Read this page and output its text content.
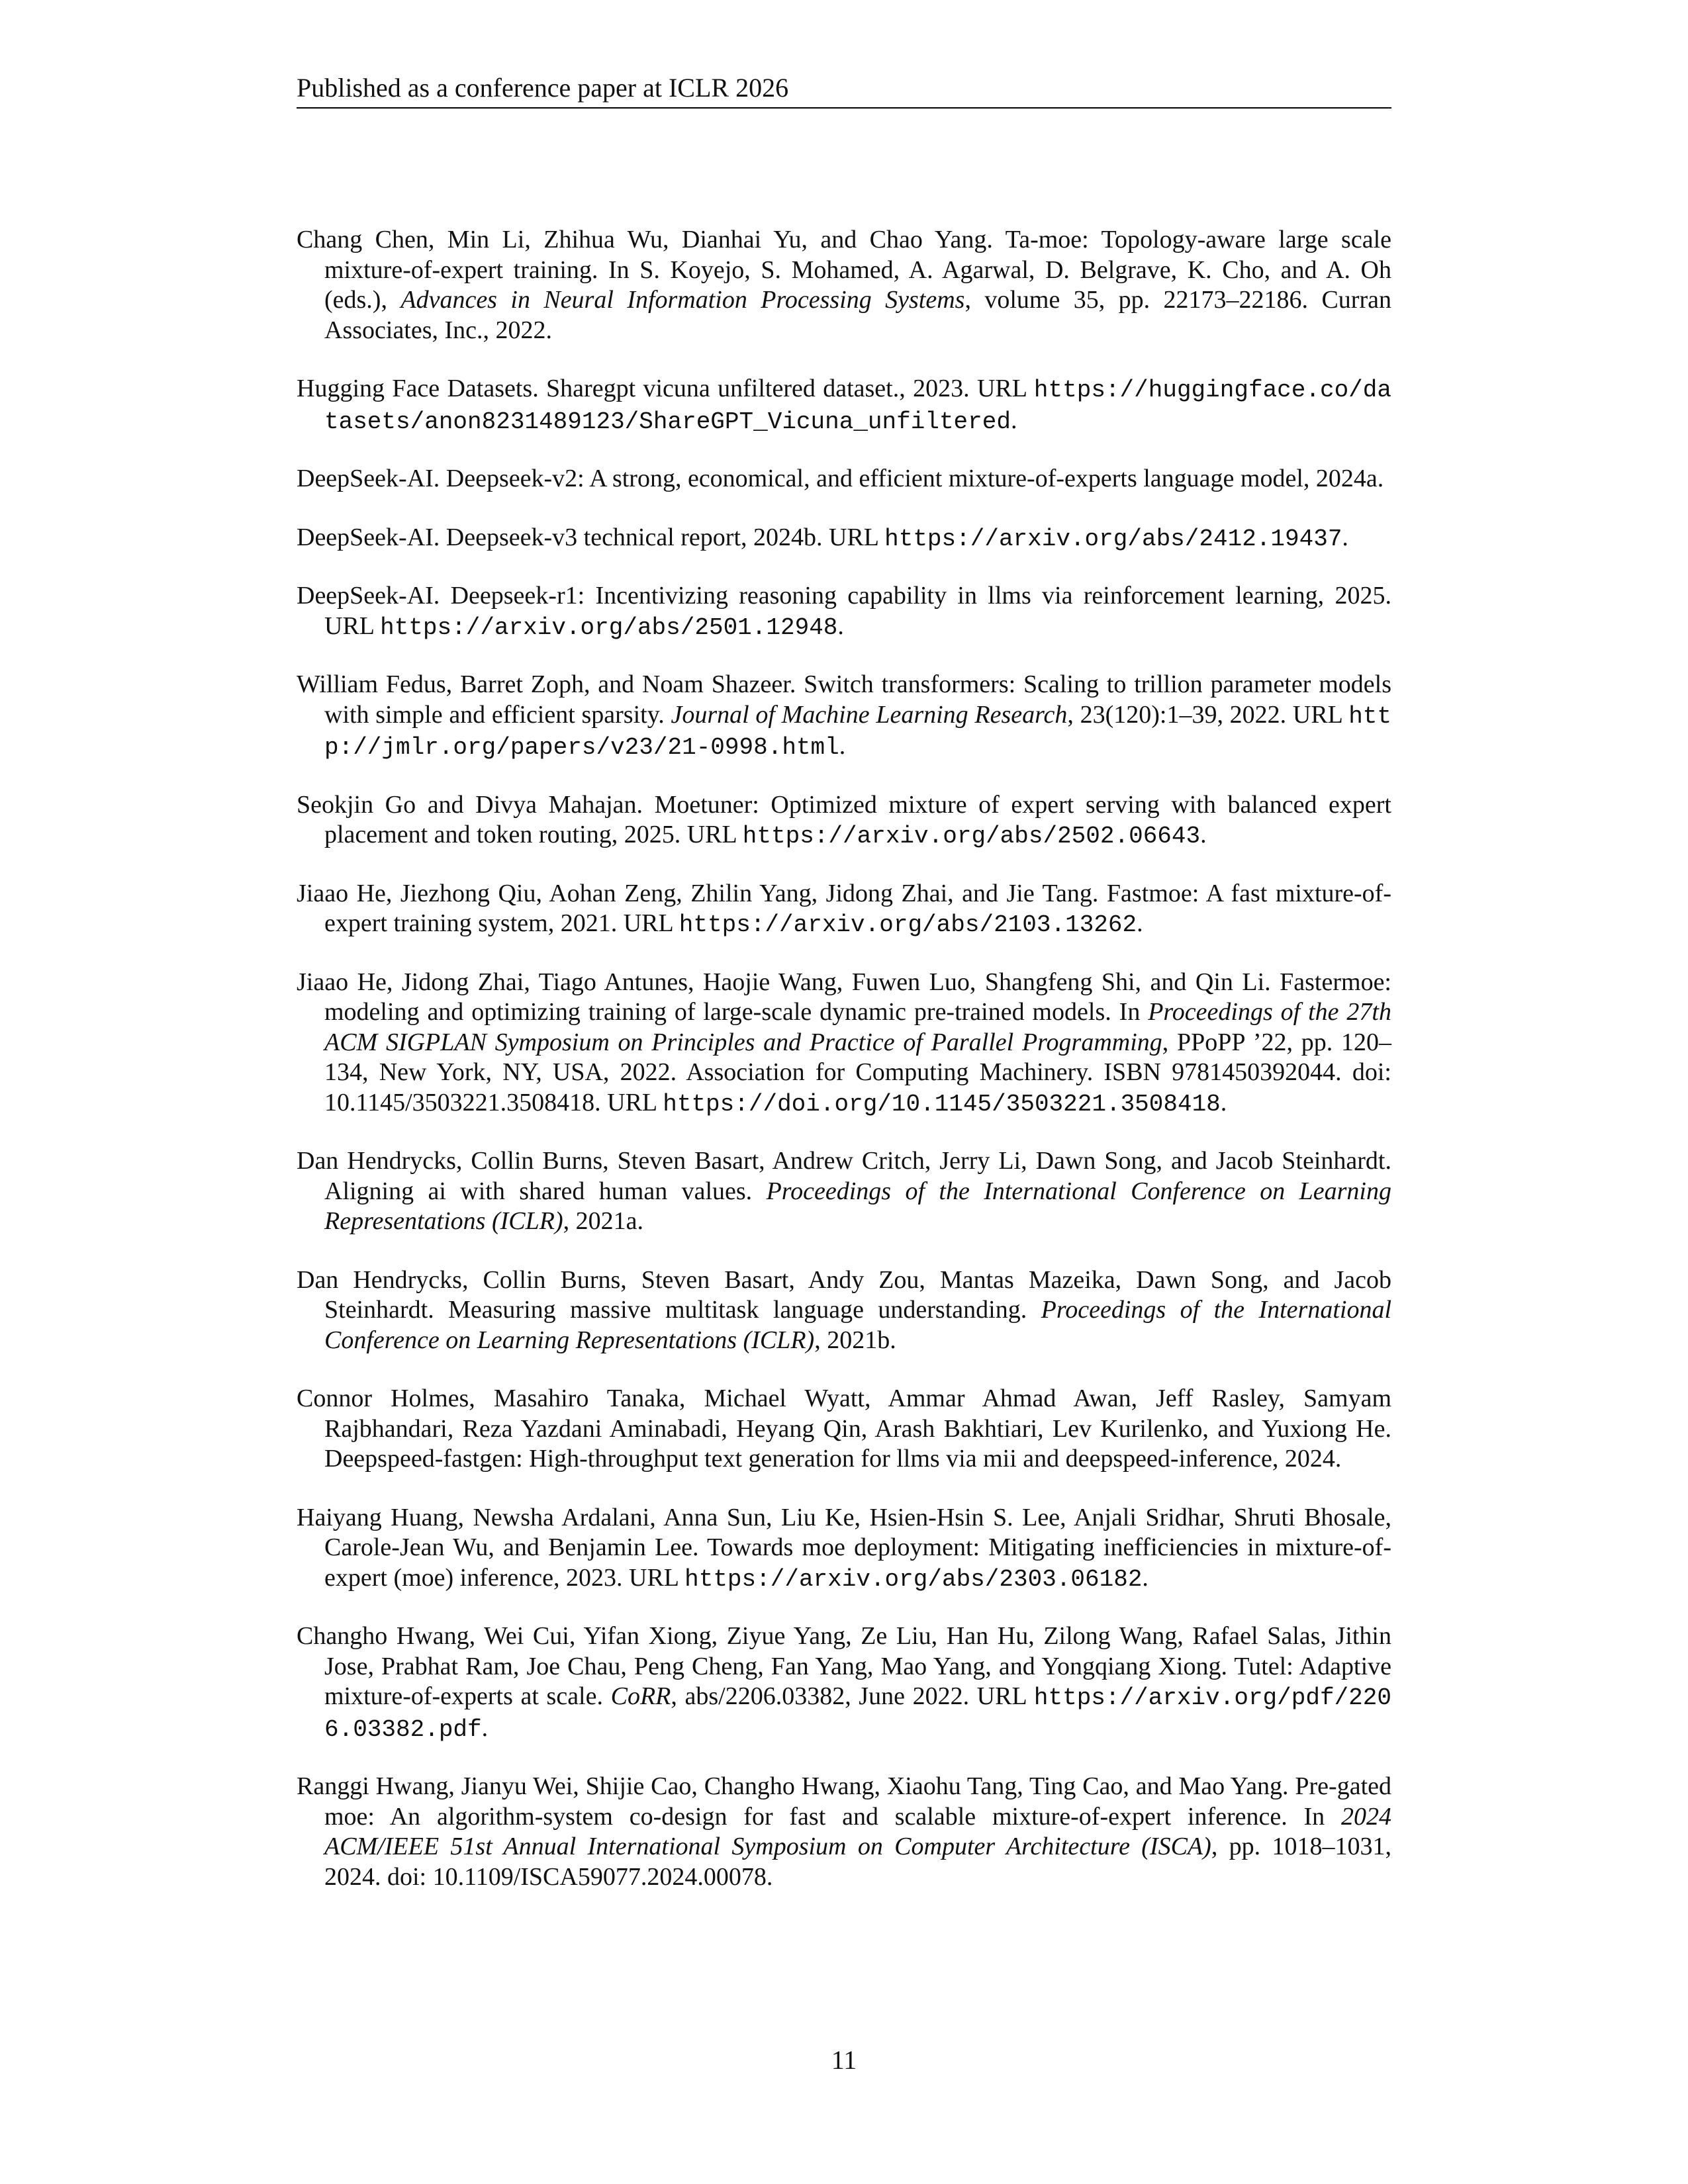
Published as a conference paper at ICLR 2026
Chang Chen, Min Li, Zhihua Wu, Dianhai Yu, and Chao Yang. Ta-moe: Topology-aware large scale mixture-of-expert training. In S. Koyejo, S. Mohamed, A. Agarwal, D. Belgrave, K. Cho, and A. Oh (eds.), Advances in Neural Information Processing Systems, volume 35, pp. 22173–22186. Curran Associates, Inc., 2022.
Hugging Face Datasets. Sharegpt vicuna unfiltered dataset., 2023. URL https://huggingface.co/datasets/anon8231489123/ShareGPT_Vicuna_unfiltered.
DeepSeek-AI. Deepseek-v2: A strong, economical, and efficient mixture-of-experts language model, 2024a.
DeepSeek-AI. Deepseek-v3 technical report, 2024b. URL https://arxiv.org/abs/2412.19437.
DeepSeek-AI. Deepseek-r1: Incentivizing reasoning capability in llms via reinforcement learning, 2025. URL https://arxiv.org/abs/2501.12948.
William Fedus, Barret Zoph, and Noam Shazeer. Switch transformers: Scaling to trillion parameter models with simple and efficient sparsity. Journal of Machine Learning Research, 23(120):1–39, 2022. URL http://jmlr.org/papers/v23/21-0998.html.
Seokjin Go and Divya Mahajan. Moetuner: Optimized mixture of expert serving with balanced expert placement and token routing, 2025. URL https://arxiv.org/abs/2502.06643.
Jiaao He, Jiezhong Qiu, Aohan Zeng, Zhilin Yang, Jidong Zhai, and Jie Tang. Fastmoe: A fast mixture-of-expert training system, 2021. URL https://arxiv.org/abs/2103.13262.
Jiaao He, Jidong Zhai, Tiago Antunes, Haojie Wang, Fuwen Luo, Shangfeng Shi, and Qin Li. Fastermoe: modeling and optimizing training of large-scale dynamic pre-trained models. In Proceedings of the 27th ACM SIGPLAN Symposium on Principles and Practice of Parallel Programming, PPoPP ’22, pp. 120–134, New York, NY, USA, 2022. Association for Computing Machinery. ISBN 9781450392044. doi: 10.1145/3503221.3508418. URL https://doi.org/10.1145/3503221.3508418.
Dan Hendrycks, Collin Burns, Steven Basart, Andrew Critch, Jerry Li, Dawn Song, and Jacob Steinhardt. Aligning ai with shared human values. Proceedings of the International Conference on Learning Representations (ICLR), 2021a.
Dan Hendrycks, Collin Burns, Steven Basart, Andy Zou, Mantas Mazeika, Dawn Song, and Jacob Steinhardt. Measuring massive multitask language understanding. Proceedings of the International Conference on Learning Representations (ICLR), 2021b.
Connor Holmes, Masahiro Tanaka, Michael Wyatt, Ammar Ahmad Awan, Jeff Rasley, Samyam Rajbhandari, Reza Yazdani Aminabadi, Heyang Qin, Arash Bakhtiari, Lev Kurilenko, and Yuxiong He. Deepspeed-fastgen: High-throughput text generation for llms via mii and deepspeed-inference, 2024.
Haiyang Huang, Newsha Ardalani, Anna Sun, Liu Ke, Hsien-Hsin S. Lee, Anjali Sridhar, Shruti Bhosale, Carole-Jean Wu, and Benjamin Lee. Towards moe deployment: Mitigating inefficiencies in mixture-of-expert (moe) inference, 2023. URL https://arxiv.org/abs/2303.06182.
Changho Hwang, Wei Cui, Yifan Xiong, Ziyue Yang, Ze Liu, Han Hu, Zilong Wang, Rafael Salas, Jithin Jose, Prabhat Ram, Joe Chau, Peng Cheng, Fan Yang, Mao Yang, and Yongqiang Xiong. Tutel: Adaptive mixture-of-experts at scale. CoRR, abs/2206.03382, June 2022. URL https://arxiv.org/pdf/2206.03382.pdf.
Ranggi Hwang, Jianyu Wei, Shijie Cao, Changho Hwang, Xiaohu Tang, Ting Cao, and Mao Yang. Pre-gated moe: An algorithm-system co-design for fast and scalable mixture-of-expert inference. In 2024 ACM/IEEE 51st Annual International Symposium on Computer Architecture (ISCA), pp. 1018–1031, 2024. doi: 10.1109/ISCA59077.2024.00078.
11
